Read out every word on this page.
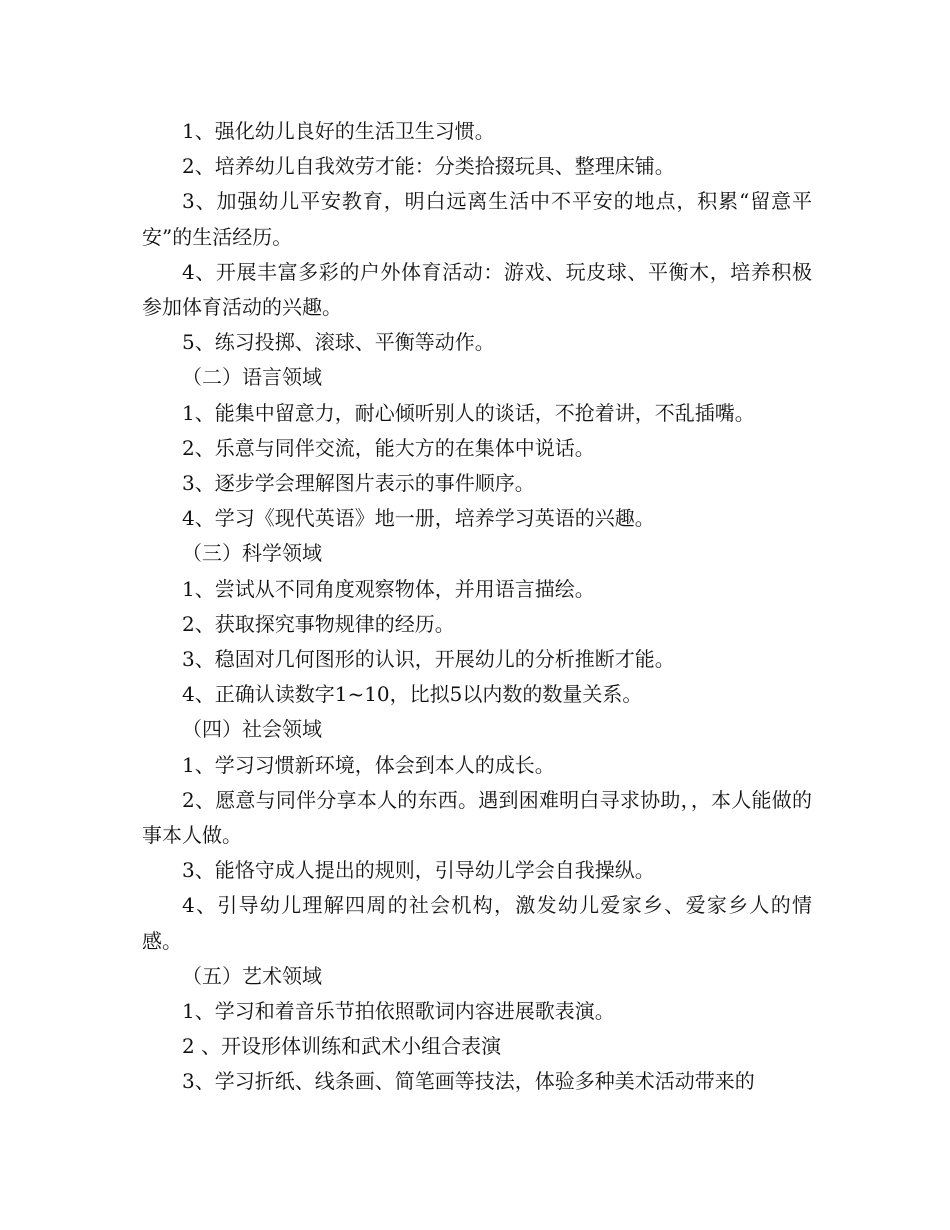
1、强化幼儿良好的生活卫生习惯。

2、培养幼儿自我效劳才能：分类拾掇玩具、整理床铺。

3、加强幼儿平安教育，明白远离生活中不平安的地点，积累“留意平安”的生活经历。

4、开展丰富多彩的户外体育活动：游戏、玩皮球、平衡木，培养积极参加体育活动的兴趣。

5、练习投掷、滚球、平衡等动作。

（二）语言领域

1、能集中留意力，耐心倾听别人的谈话，不抢着讲，不乱插嘴。

2、乐意与同伴交流，能大方的在集体中说话。

3、逐步学会理解图片表示的事件顺序。

4、学习《现代英语》地一册，培养学习英语的兴趣。

（三）科学领域

1、尝试从不同角度观察物体，并用语言描绘。

2、获取探究事物规律的经历。

3、稳固对几何图形的认识，开展幼儿的分析推断才能。

4、正确认读数字1~10，比拟5以内数的数量关系。

（四）社会领域

1、学习习惯新环境，体会到本人的成长。

2、愿意与同伴分享本人的东西。遇到困难明白寻求协助，，本人能做的事本人做。

3、能恪守成人提出的规则，引导幼儿学会自我操纵。

4、引导幼儿理解四周的社会机构，激发幼儿爱家乡、爱家乡人的情感。

（五）艺术领域

1、学习和着音乐节拍依照歌词内容进展歌表演。

2 、开设形体训练和武术小组合表演

3、学习折纸、线条画、简笔画等技法，体验多种美术活动带来的
